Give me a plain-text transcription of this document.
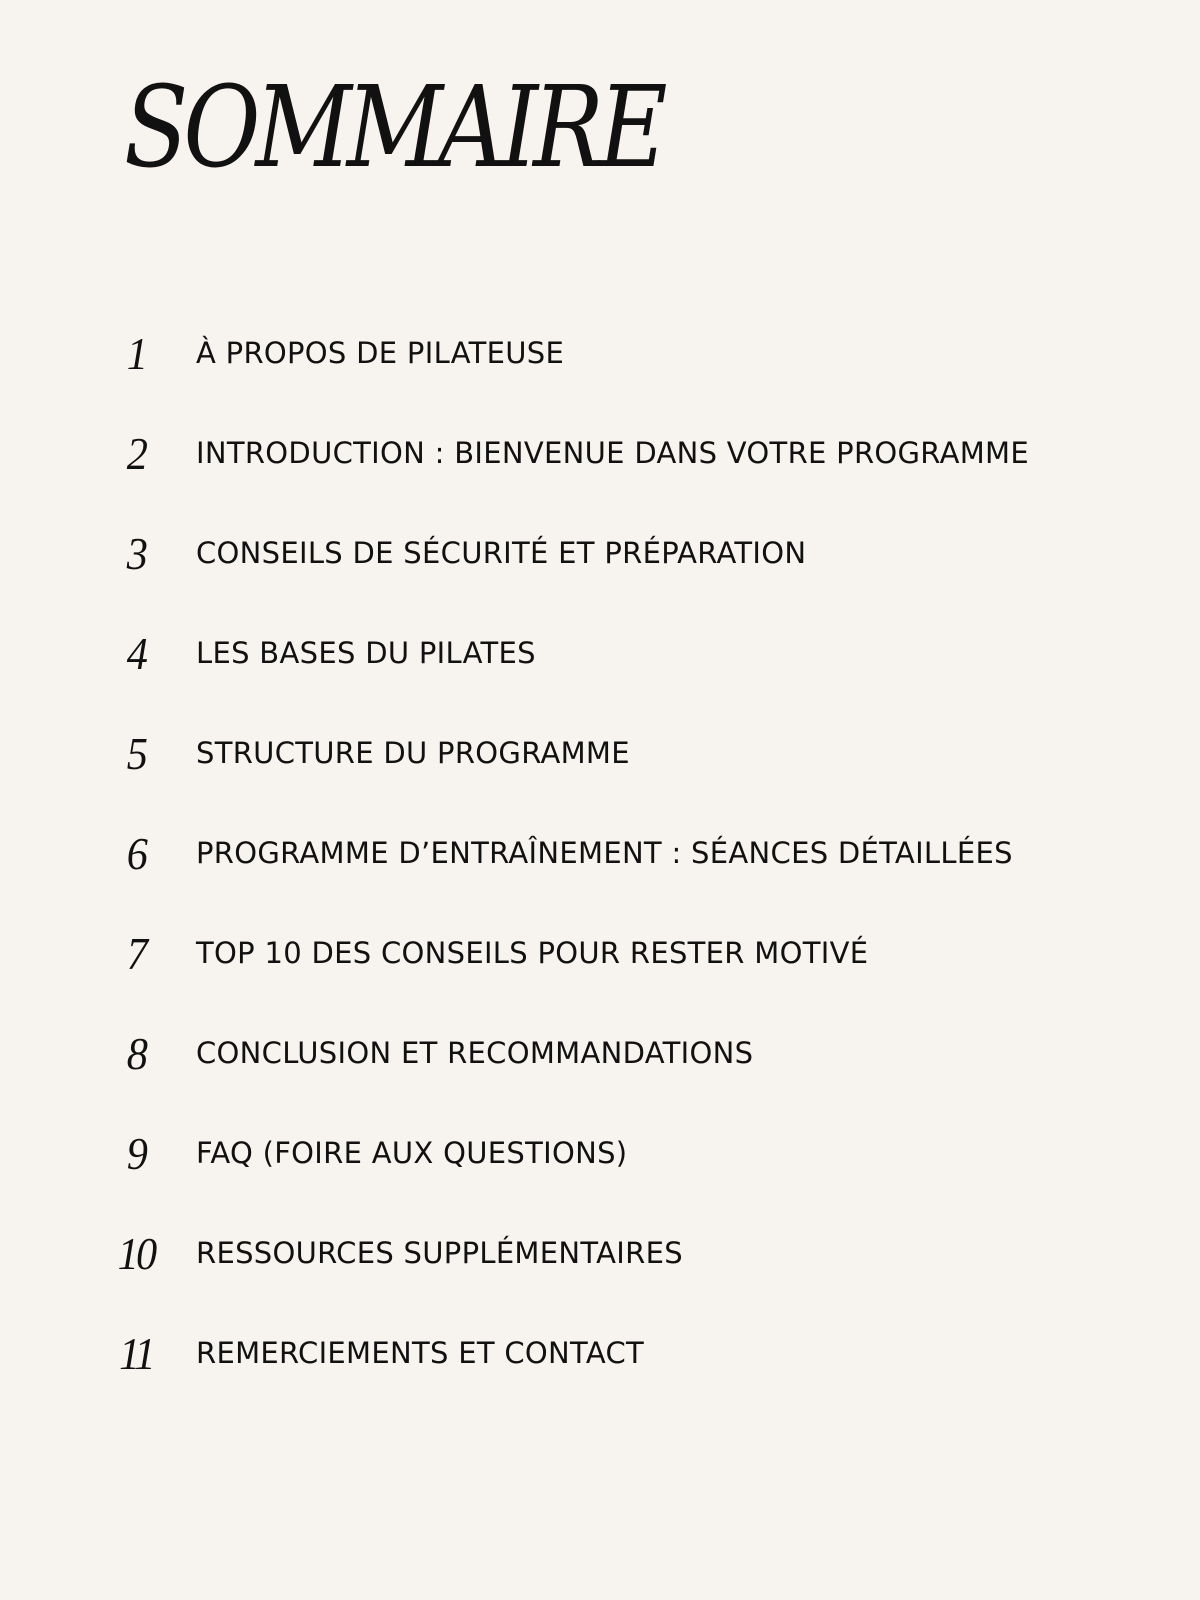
SOMMAIRE
1	À PROPOS DE PILATEUSE
2	INTRODUCTION : BIENVENUE DANS VOTRE PROGRAMME
3	CONSEILS DE SÉCURITÉ ET PRÉPARATION
4	LES BASES DU PILATES
5	STRUCTURE DU PROGRAMME
6	PROGRAMME D’ENTRAÎNEMENT : SÉANCES DÉTAILLÉES
7	TOP 10 DES CONSEILS POUR RESTER MOTIVÉ
8	CONCLUSION ET RECOMMANDATIONS
9	FAQ (FOIRE AUX QUESTIONS)
10	RESSOURCES SUPPLÉMENTAIRES
11	REMERCIEMENTS ET CONTACT
